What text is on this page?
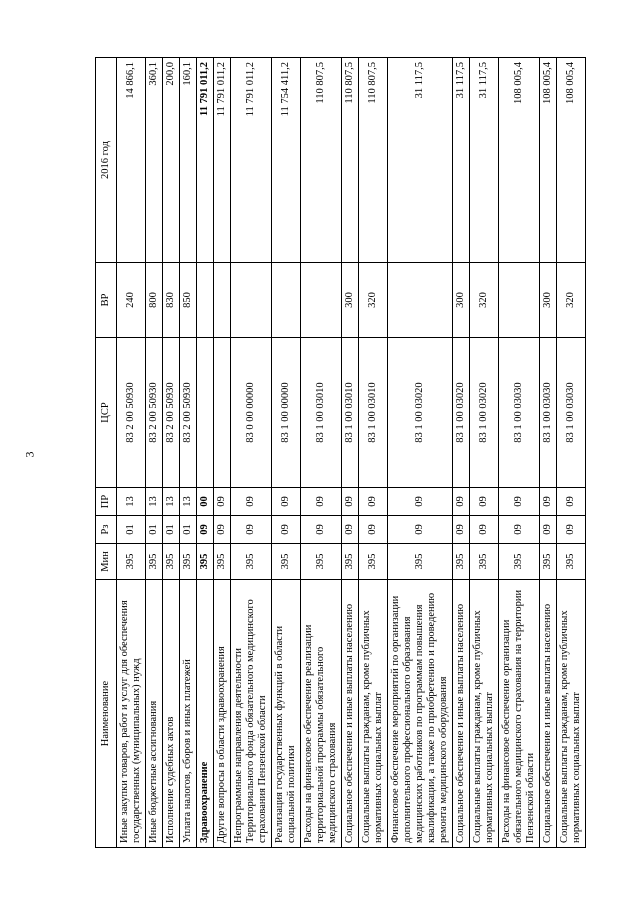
3
Наименование	Мин	Рз	ПР	ЦСР	ВР	2016 год
Иные закупки товаров, работ и услуг для обеспечения государственных (муниципальных) нужд	395	01	13	83 2 00 50930	240	14 866,1
Иные бюджетные ассигнования	395	01	13	83 2 00 50930	800	360,1
Исполнение судебных актов	395	01	13	83 2 00 50930	830	200,0
Уплата налогов, сборов и иных платежей	395	01	13	83 2 00 50930	850	160,1
Здравоохранение	395	09	00			11 791 011,2
Другие вопросы в области здравоохранения	395	09	09			11 791 011,2
Непрограммные направления деятельности Территориального фонда обязательного медицинского страхования Пензенской области	395	09	09	83 0 00 00000		11 791 011,2
Реализация государственных функций в области социальной политики	395	09	09	83 1 00 00000		11 754 411,2
Расходы на финансовое обеспечение реализации территориальной программы обязательного медицинского страхования	395	09	09	83 1 00 03010		110 807,5
Социальное обеспечение и иные выплаты населению	395	09	09	83 1 00 03010	300	110 807,5
Социальные выплаты гражданам, кроме публичных нормативных социальных выплат	395	09	09	83 1 00 03010	320	110 807,5
Финансовое обеспечение мероприятий по организации дополнительного профессионального образования медицинских работников по программам повышения квалификации, а также по приобретению и проведению ремонта медицинского оборудования	395	09	09	83 1 00 03020		31 117,5
Социальное обеспечение и иные выплаты населению	395	09	09	83 1 00 03020	300	31 117,5
Социальные выплаты гражданам, кроме публичных нормативных социальных выплат	395	09	09	83 1 00 03020	320	31 117,5
Расходы на финансовое обеспечение организации обязательного медицинского страхования на территории Пензенской области	395	09	09	83 1 00 03030		108 005,4
Социальное обеспечение и иные выплаты населению	395	09	09	83 1 00 03030	300	108 005,4
Социальные выплаты гражданам, кроме публичных нормативных социальных выплат	395	09	09	83 1 00 03030	320	108 005,4
